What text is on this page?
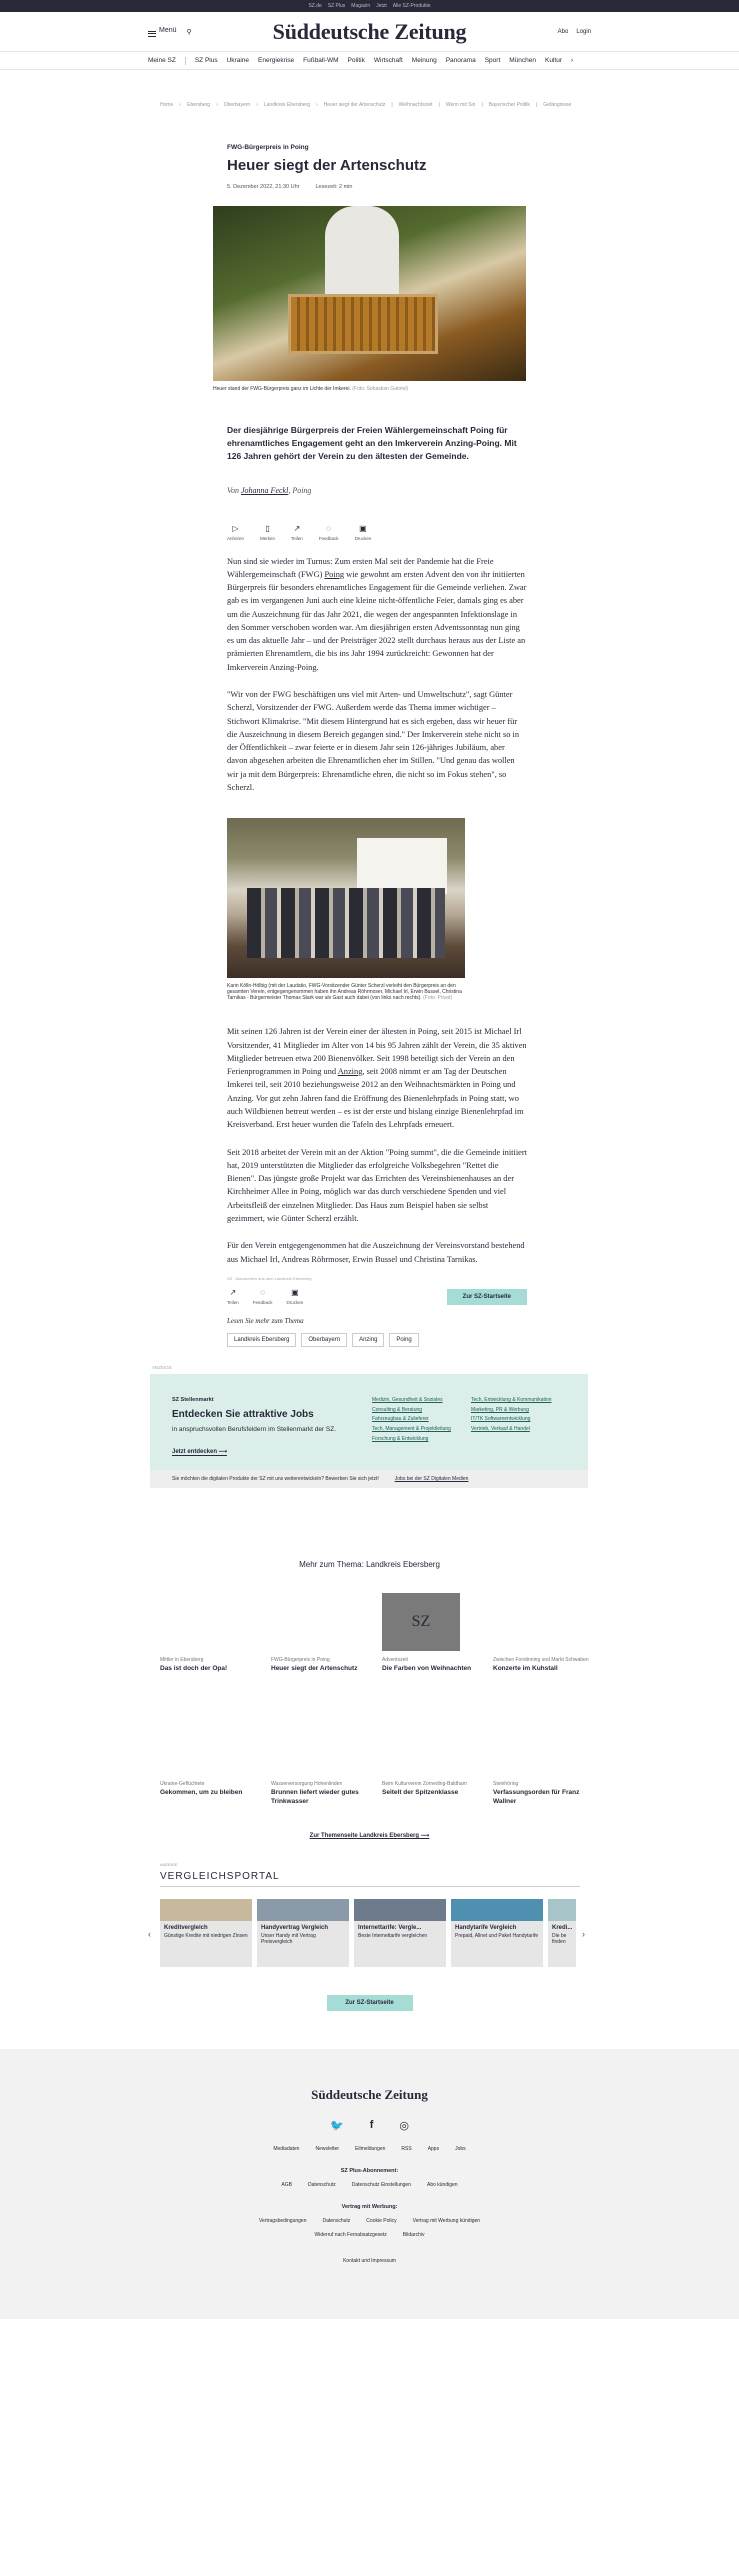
SZ.de SZ Plus Magazin Jetzt Alle SZ-Produkte
Menü ⚲	Süddeutsche Zeitung	Abo Login
Meine SZ	SZ Plus Ukraine Energiekrise Fußball-WM Politik Wirtschaft Meinung Panorama Sport München Kultur ›
Home › Ebersberg › Oberbayern › Landkreis Ebersberg › Heuer siegt der Artenschutz | Weihnachtszeit | Wenn mit Sin | Bayerischer Politik | Gefängnisse
FWG-Bürgerpreis in Poing
Heuer siegt der Artenschutz
5. Dezember 2022, 21:30 Uhr	Lesezeit: 2 min
Heuer stand der FWG-Bürgerpreis ganz im Lichte der Imkerei. (Foto: Sebastian Gabriel)

Der diesjährige Bürgerpreis der Freien Wählergemeinschaft Poing für ehrenamtliches Engagement geht an den Imkerverein Anzing-Poing. Mit 126 Jahren gehört der Verein zu den ältesten der Gemeinde.

Von Johanna Feckl, Poing

▷
Anhören
▯
Merken
↗
Teilen
◌
Feedback
▣
Drucken

Nun sind sie wieder im Turnus: Zum ersten Mal seit der Pandemie hat die Freie Wählergemeinschaft (FWG) Poing wie gewohnt am ersten Advent den von ihr initiierten Bürgerpreis für besonders ehrenamtliches Engagement für die Gemeinde verliehen. Zwar gab es im vergangenen Juni auch eine kleine nicht-öffentliche Feier, damals ging es aber um die Auszeichnung für das Jahr 2021, die wegen der angespannten Infektionslage in den Sommer verschoben worden war. Am diesjährigen ersten Adventssonntag nun ging es um das aktuelle Jahr – und der Preisträger 2022 stellt durchaus heraus aus der Liste an prämierten Ehrenamtlern, die bis ins Jahr 1994 zurückreicht: Gewonnen hat der Imkerverein Anzing-Poing.

"Wir von der FWG beschäftigen uns viel mit Arten- und Umweltschutz", sagt Günter Scherzl, Vorsitzender der FWG. Außerdem werde das Thema immer wichtiger – Stichwort Klimakrise. "Mit diesem Hintergrund hat es sich ergeben, dass wir heuer für die Auszeichnung in diesem Bereich gegangen sind." Der Imkerverein stehe nicht so in der Öffentlichkeit – zwar feierte er in diesem Jahr sein 126-jähriges Jubiläum, aber davon abgesehen arbeiten die Ehrenamtlichen eher im Stillen. "Und genau das wollen wir ja mit dem Bürgerpreis: Ehrenamtliche ehren, die nicht so im Fokus stehen", so Scherzl.

Karin Kölln-Hölbig (mit der Laudatio, FWG-Vorsitzender Günter Scherzl verleiht den Bürgerpreis an den gesamten Verein, entgegengenommen haben ihn Andreas Röhrmoser, Michael Irl, Erwin Bussel, Christina Tarnikas - Bürgermeister Thomas Stark war als Gast auch dabei (von links nach rechts). (Foto: Privat)

Mit seinen 126 Jahren ist der Verein einer der ältesten in Poing, seit 2015 ist Michael Irl Vorsitzender, 41 Mitglieder im Alter von 14 bis 95 Jahren zählt der Verein, die 35 aktiven Mitglieder betreuen etwa 200 Bienenvölker. Seit 1998 beteiligt sich der Verein an den Ferienprogrammen in Poing und Anzing, seit 2008 nimmt er am Tag der Deutschen Imkerei teil, seit 2010 beziehungsweise 2012 an den Weihnachtsmärkten in Poing und Anzing. Vor gut zehn Jahren fand die Eröffnung des Bienenlehrpfads in Poing statt, wo auch Wildbienen betreut werden – es ist der erste und bislang einzige Bienenlehrpfad im Kreisverband. Erst heuer wurden die Tafeln des Lehrpfads erneuert.

Seit 2018 arbeitet der Verein mit an der Aktion "Poing summt", die die Gemeinde initiiert hat, 2019 unterstützten die Mitglieder das erfolgreiche Volksbegehren "Rettet die Bienen". Das jüngste große Projekt war das Errichten des Vereinsbienenhauses an der Kirchheimer Allee in Poing, möglich war das durch verschiedene Spenden und viel Arbeitsfleiß der einzelnen Mitglieder. Das Haus zum Beispiel haben sie selbst gezimmert, wie Günter Scherzl erzählt.

Für den Verein entgegengenommen hat die Auszeichnung der Vereinsvorstand bestehend aus Michael Irl, Andreas Röhrmoser, Erwin Bussel und Christina Tarnikas.

SZ - Nachrichten aus dem Landkreis Ebersberg
↗
Teilen
◌
Feedback
▣
Drucken
Zur SZ-Startseite
Lesen Sie mehr zum Thema
Landkreis Ebersberg	Oberbayern	Anzing	Poing
ANZEIGE
SZ Stellenmarkt
Entdecken Sie attraktive Jobs

in anspruchsvollen Berufsfeldern im Stellenmarkt der SZ.

Jetzt entdecken ⟶
Medizin, Gesundheit & Soziales
Consulting & Beratung
Fahrzeugbau & Zulieferer
Tech, Management & Projektleitung
Forschung & Entwicklung
Tech, Entwicklung & Kommunikation
Marketing, PR & Werbung
IT/TK Softwareentwicklung
Vertrieb, Verkauf & Handel
Sie möchten die digitalen Produkte der SZ mit uns weiterentwickeln? Bewerben Sie sich jetzt!	Jobs bei der SZ Digitalen Medien
Mehr zum Thema: Landkreis Ebersberg
Mittler in Ebersberg
Das ist doch der Opa!
FWG-Bürgerpreis in Poing
Heuer siegt der Artenschutz
SZ
Adventszeit
Die Farben von Weihnachten
Zwischen Forstinning und Markt Schwaben
Konzerte im Kuhstall
Ukraine-Geflüchtete
Gekommen, um zu bleiben
Wasserversorgung Hohenlinden
Brunnen liefert wieder gutes Trinkwasser
Beim Kulturverein Zorneding-Baldham
Seitelt der Spitzenklasse
Steinhöring
Verfassungsorden für Franz Wallner
Zur Themenseite Landkreis Ebersberg ⟶
ANZEIGE
VERGLEICHSPORTAL
‹
Kreditvergleich
Günstige Kredite mit niedrigen Zinsen
Handyvertrag Vergleich
Unser Handy mit Vertrag Preisvergleich
Internettarife: Vergle...
Beste Internettarife vergleichen
Handytarife Vergleich
Prepaid, Allnet und Paket Handytarife
Kredi...
Die be finden
›
Zur SZ-Startseite
Süddeutsche Zeitung
🐦 f ◎
Mediadaten	Newsletter	Eilmeldungen	RSS	Apps	Jobs
SZ Plus-Abonnement:
AGB	Datenschutz	Datenschutz Einstellungen	Abo kündigen
Vertrag mit Werbung:
Vertragsbedingungen	Datenschutz	Cookie Policy	Vertrag mit Werbung kündigen
Widerruf nach Fernabsatzgesetz	Bildarchiv
Kontakt und Impressum
